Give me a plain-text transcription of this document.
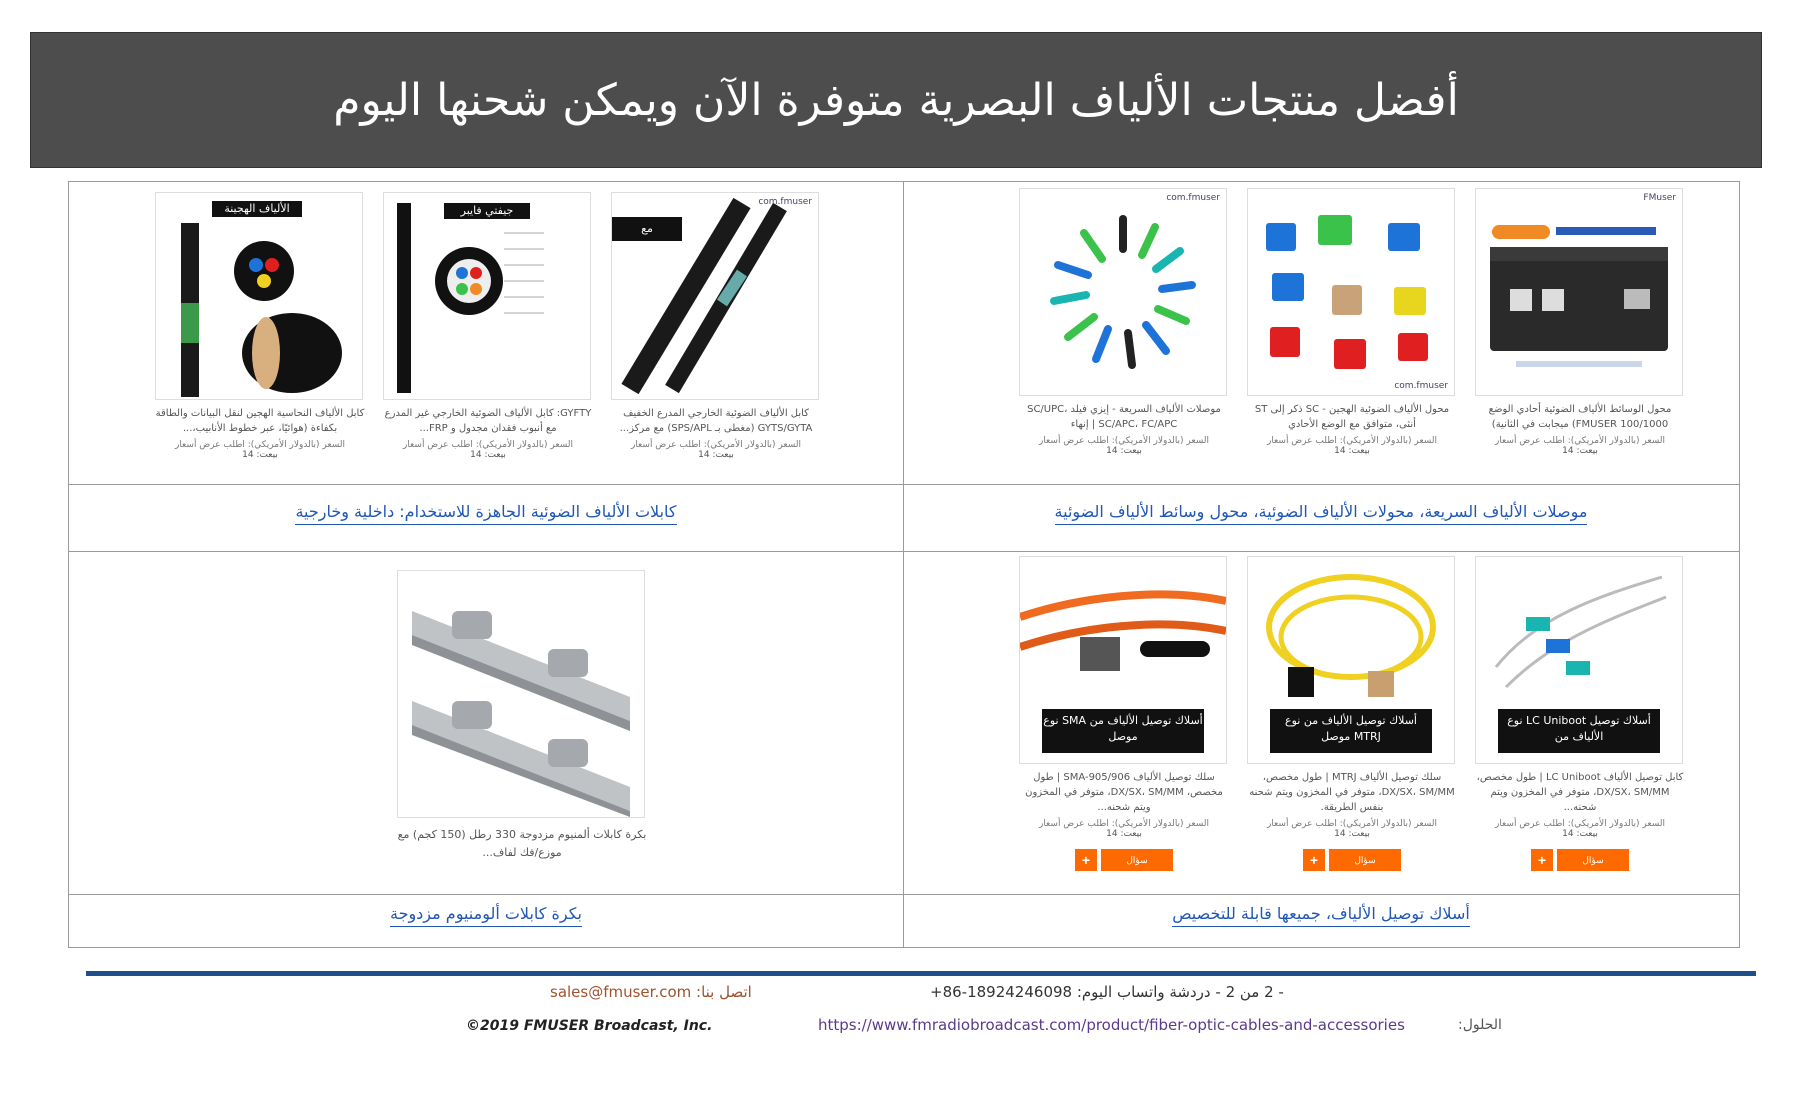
أفضل منتجات الألياف البصرية متوفرة الآن ويمكن شحنها اليوم
FMuser
محول الوسائط الألياف الضوئية أحادي الوضع FMUSER 100/1000) ميجابت في الثانية)
السعر (بالدولار الأمريكي): اطلب عرض أسعار
بيعت: 14
com.fmuser
محول الألياف الضوئية الهجين - SC ذكر إلى ST أنثى، متوافق مع الوضع الأحادي
السعر (بالدولار الأمريكي): اطلب عرض أسعار
بيعت: 14
com.fmuser
موصلات الألياف السريعة - إيزي فيلد SC/UPC، SC/APC، FC/APC | إنهاء
السعر (بالدولار الأمريكي): اطلب عرض أسعار
بيعت: 14
موصلات الألياف السريعة، محولات الألياف الضوئية، محول وسائط الألياف الضوئية
مع
com.fmuser
كابل الألياف الضوئية الخارجي المدرع الخفيف GYTS/GYTA (مغطى بـ SPS/APL) مع مركز...
السعر (بالدولار الأمريكي): اطلب عرض أسعار
بيعت: 14
جيفتي فايبر
GYFTY: كابل الألياف الضوئية الخارجي غير المدرع مع أنبوب فقدان مجدول و FRP...
السعر (بالدولار الأمريكي): اطلب عرض أسعار
بيعت: 14
الألياف الهجينة
كابل الألياف النحاسية الهجين لنقل البيانات والطاقة بكفاءة (هوائيًا، عبر خطوط الأنابيب،...
السعر (بالدولار الأمريكي): اطلب عرض أسعار
بيعت: 14
كابلات الألياف الضوئية الجاهزة للاستخدام: داخلية وخارجية
أسلاك توصيل LC Uniboot نوع الألياف من
كابل توصيل الألياف LC Uniboot | طول مخصص، DX/SX، SM/MM، متوفر في المخزون ويتم شحنه...
السعر (بالدولار الأمريكي): اطلب عرض أسعار
بيعت: 14
+	سؤال
أسلاك توصيل الألياف من نوع MTRJ موصل
سلك توصيل الألياف MTRJ | طول مخصص، DX/SX، SM/MM، متوفر في المخزون ويتم شحنه بنفس الطريقة.
السعر (بالدولار الأمريكي): اطلب عرض أسعار
بيعت: 14
+	سؤال
أسلاك توصيل الألياف من SMA نوع موصل
سلك توصيل الألياف SMA-905/906 | طول مخصص، DX/SX، SM/MM، متوفر في المخزون ويتم شحنه...
السعر (بالدولار الأمريكي): اطلب عرض أسعار
بيعت: 14
+	سؤال
أسلاك توصيل الألياف، جميعها قابلة للتخصيص
بكرة كابلات ألمنيوم مزدوجة 330 رطل (150 كجم) مع موزع/فك لفاف...
بكرة كابلات ألومنيوم مزدوجة
- 2 من 2 - دردشة واتساب اليوم: 18924246098-86+
اتصل بنا: sales@fmuser.com
©2019 FMUSER Broadcast, Inc.	https://www.fmradiobroadcast.com/product/fiber-optic-cables-and-accessories	الحلول:
